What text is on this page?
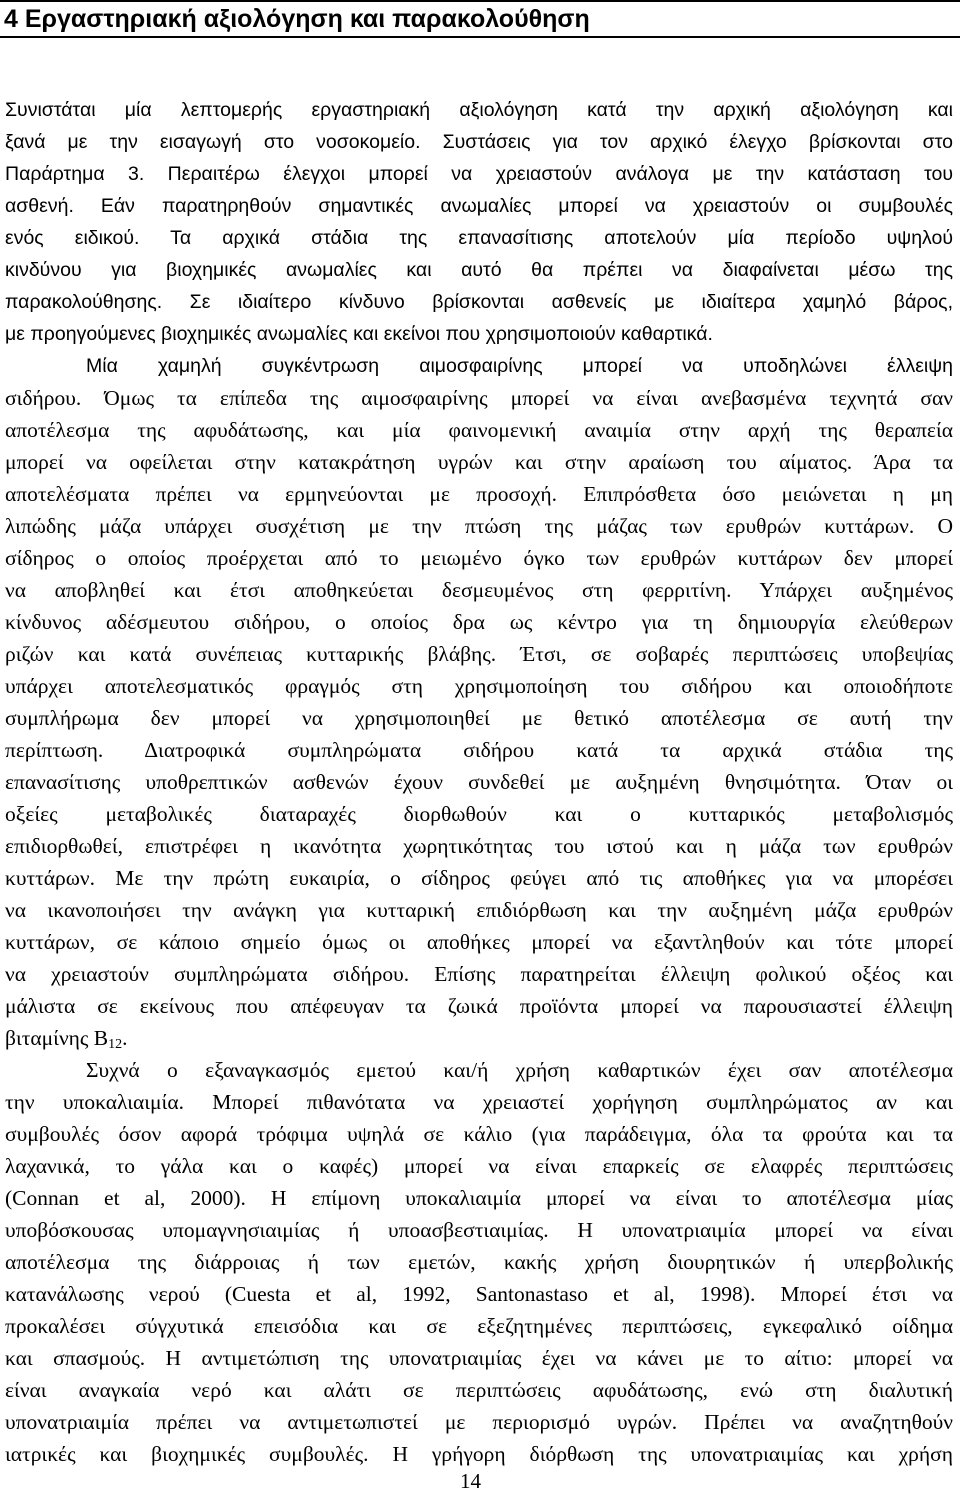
4 Εργαστηριακή αξιολόγηση και παρακολούθηση
Συνιστάται μία λεπτομερής εργαστηριακή αξιολόγηση κατά την αρχική αξιολόγηση και
ξανά με την εισαγωγή στο νοσοκομείο. Συστάσεις για τον αρχικό έλεγχο βρίσκονται στο
Παράρτημα 3. Περαιτέρω έλεγχοι μπορεί να χρειαστούν ανάλογα με την κατάσταση του
ασθενή. Εάν παρατηρηθούν σημαντικές ανωμαλίες μπορεί να χρειαστούν οι συμβουλές
ενός ειδικού. Τα αρχικά στάδια της επανασίτισης αποτελούν μία περίοδο υψηλού
κινδύνου για βιοχημικές ανωμαλίες και αυτό θα πρέπει να διαφαίνεται μέσω της
παρακολούθησης. Σε ιδιαίτερο κίνδυνο βρίσκονται ασθενείς με ιδιαίτερα χαμηλό βάρος,
με προηγούμενες βιοχημικές ανωμαλίες και εκείνοι που χρησιμοποιούν καθαρτικά.
Μία χαμηλή συγκέντρωση αιμοσφαιρίνης μπορεί να υποδηλώνει έλλειψη
σιδήρου. Όμως τα επίπεδα της αιμοσφαιρίνης μπορεί να είναι ανεβασμένα τεχνητά σαν
αποτέλεσμα της αφυδάτωσης, και μία φαινομενική αναιμία στην αρχή της θεραπεία
μπορεί να οφείλεται στην κατακράτηση υγρών και στην αραίωση του αίματος. Άρα τα
αποτελέσματα πρέπει να ερμηνεύονται με προσοχή. Επιπρόσθετα όσο μειώνεται η μη
λιπώδης μάζα υπάρχει συσχέτιση με την πτώση της μάζας των ερυθρών κυττάρων. Ο
σίδηρος ο οποίος προέρχεται από το μειωμένο όγκο των ερυθρών κυττάρων δεν μπορεί
να αποβληθεί και έτσι αποθηκεύεται δεσμευμένος στη φερριτίνη. Υπάρχει αυξημένος
κίνδυνος αδέσμευτου σιδήρου, ο οποίος δρα ως κέντρο για τη δημιουργία ελεύθερων
ριζών και κατά συνέπειας κυτταρικής βλάβης. Έτσι, σε σοβαρές περιπτώσεις υποβεψίας
υπάρχει αποτελεσματικός φραγμός στη χρησιμοποίηση του σιδήρου και οποιοδήποτε
συμπλήρωμα δεν μπορεί να χρησιμοποιηθεί με θετικό αποτέλεσμα σε αυτή την
περίπτωση. Διατροφικά συμπληρώματα σιδήρου κατά τα αρχικά στάδια της
επανασίτισης υποθρεπτικών ασθενών έχουν συνδεθεί με αυξημένη θνησιμότητα. Όταν οι
οξείες μεταβολικές διαταραχές διορθωθούν και ο κυτταρικός μεταβολισμός
επιδιορθωθεί, επιστρέφει η ικανότητα χωρητικότητας του ιστού και η μάζα των ερυθρών
κυττάρων. Με την πρώτη ευκαιρία, ο σίδηρος φεύγει από τις αποθήκες για να μπορέσει
να ικανοποιήσει την ανάγκη για κυτταρική επιδιόρθωση και την αυξημένη μάζα ερυθρών
κυττάρων, σε κάποιο σημείο όμως οι αποθήκες μπορεί να εξαντληθούν και τότε μπορεί
να χρειαστούν συμπληρώματα σιδήρου. Επίσης παρατηρείται έλλειψη φολικού οξέος και
μάλιστα σε εκείνους που απέφευγαν τα ζωικά προϊόντα μπορεί να παρουσιαστεί έλλειψη
βιταμίνης $B_{12}$.
Συχνά ο εξαναγκασμός εμετού και/ή χρήση καθαρτικών έχει σαν αποτέλεσμα
την υποκαλιαιμία. Μπορεί πιθανότατα να χρειαστεί χορήγηση συμπληρώματος αν και
συμβουλές όσον αφορά τρόφιμα υψηλά σε κάλιο (για παράδειγμα, όλα τα φρούτα και τα
λαχανικά, το γάλα και ο καφές) μπορεί να είναι επαρκείς σε ελαφρές περιπτώσεις
(Connan et al, 2000). Η επίμονη υποκαλιαιμία μπορεί να είναι το αποτέλεσμα μίας
υποβόσκουσας υπομαγνησιαιμίας ή υποασβεστιαιμίας. Η υπονατριαιμία μπορεί να είναι
αποτέλεσμα της διάρροιας ή των εμετών, κακής χρήση διουρητικών ή υπερβολικής
κατανάλωσης νερού (Cuesta et al, 1992, Santonastaso et al, 1998). Μπορεί έτσι να
προκαλέσει σύγχυτικά επεισόδια και σε εξεζητημένες περιπτώσεις, εγκεφαλικό οίδημα
και σπασμούς. Η αντιμετώπιση της υπονατριαιμίας έχει να κάνει με το αίτιο: μπορεί να
είναι αναγκαία νερό και αλάτι σε περιπτώσεις αφυδάτωσης, ενώ στη διαλυτική
υπονατριαιμία πρέπει να αντιμετωπιστεί με περιορισμό υγρών. Πρέπει να αναζητηθούν
ιατρικές και βιοχημικές συμβουλές. Η γρήγορη διόρθωση της υπονατριαιμίας και χρήση
14
